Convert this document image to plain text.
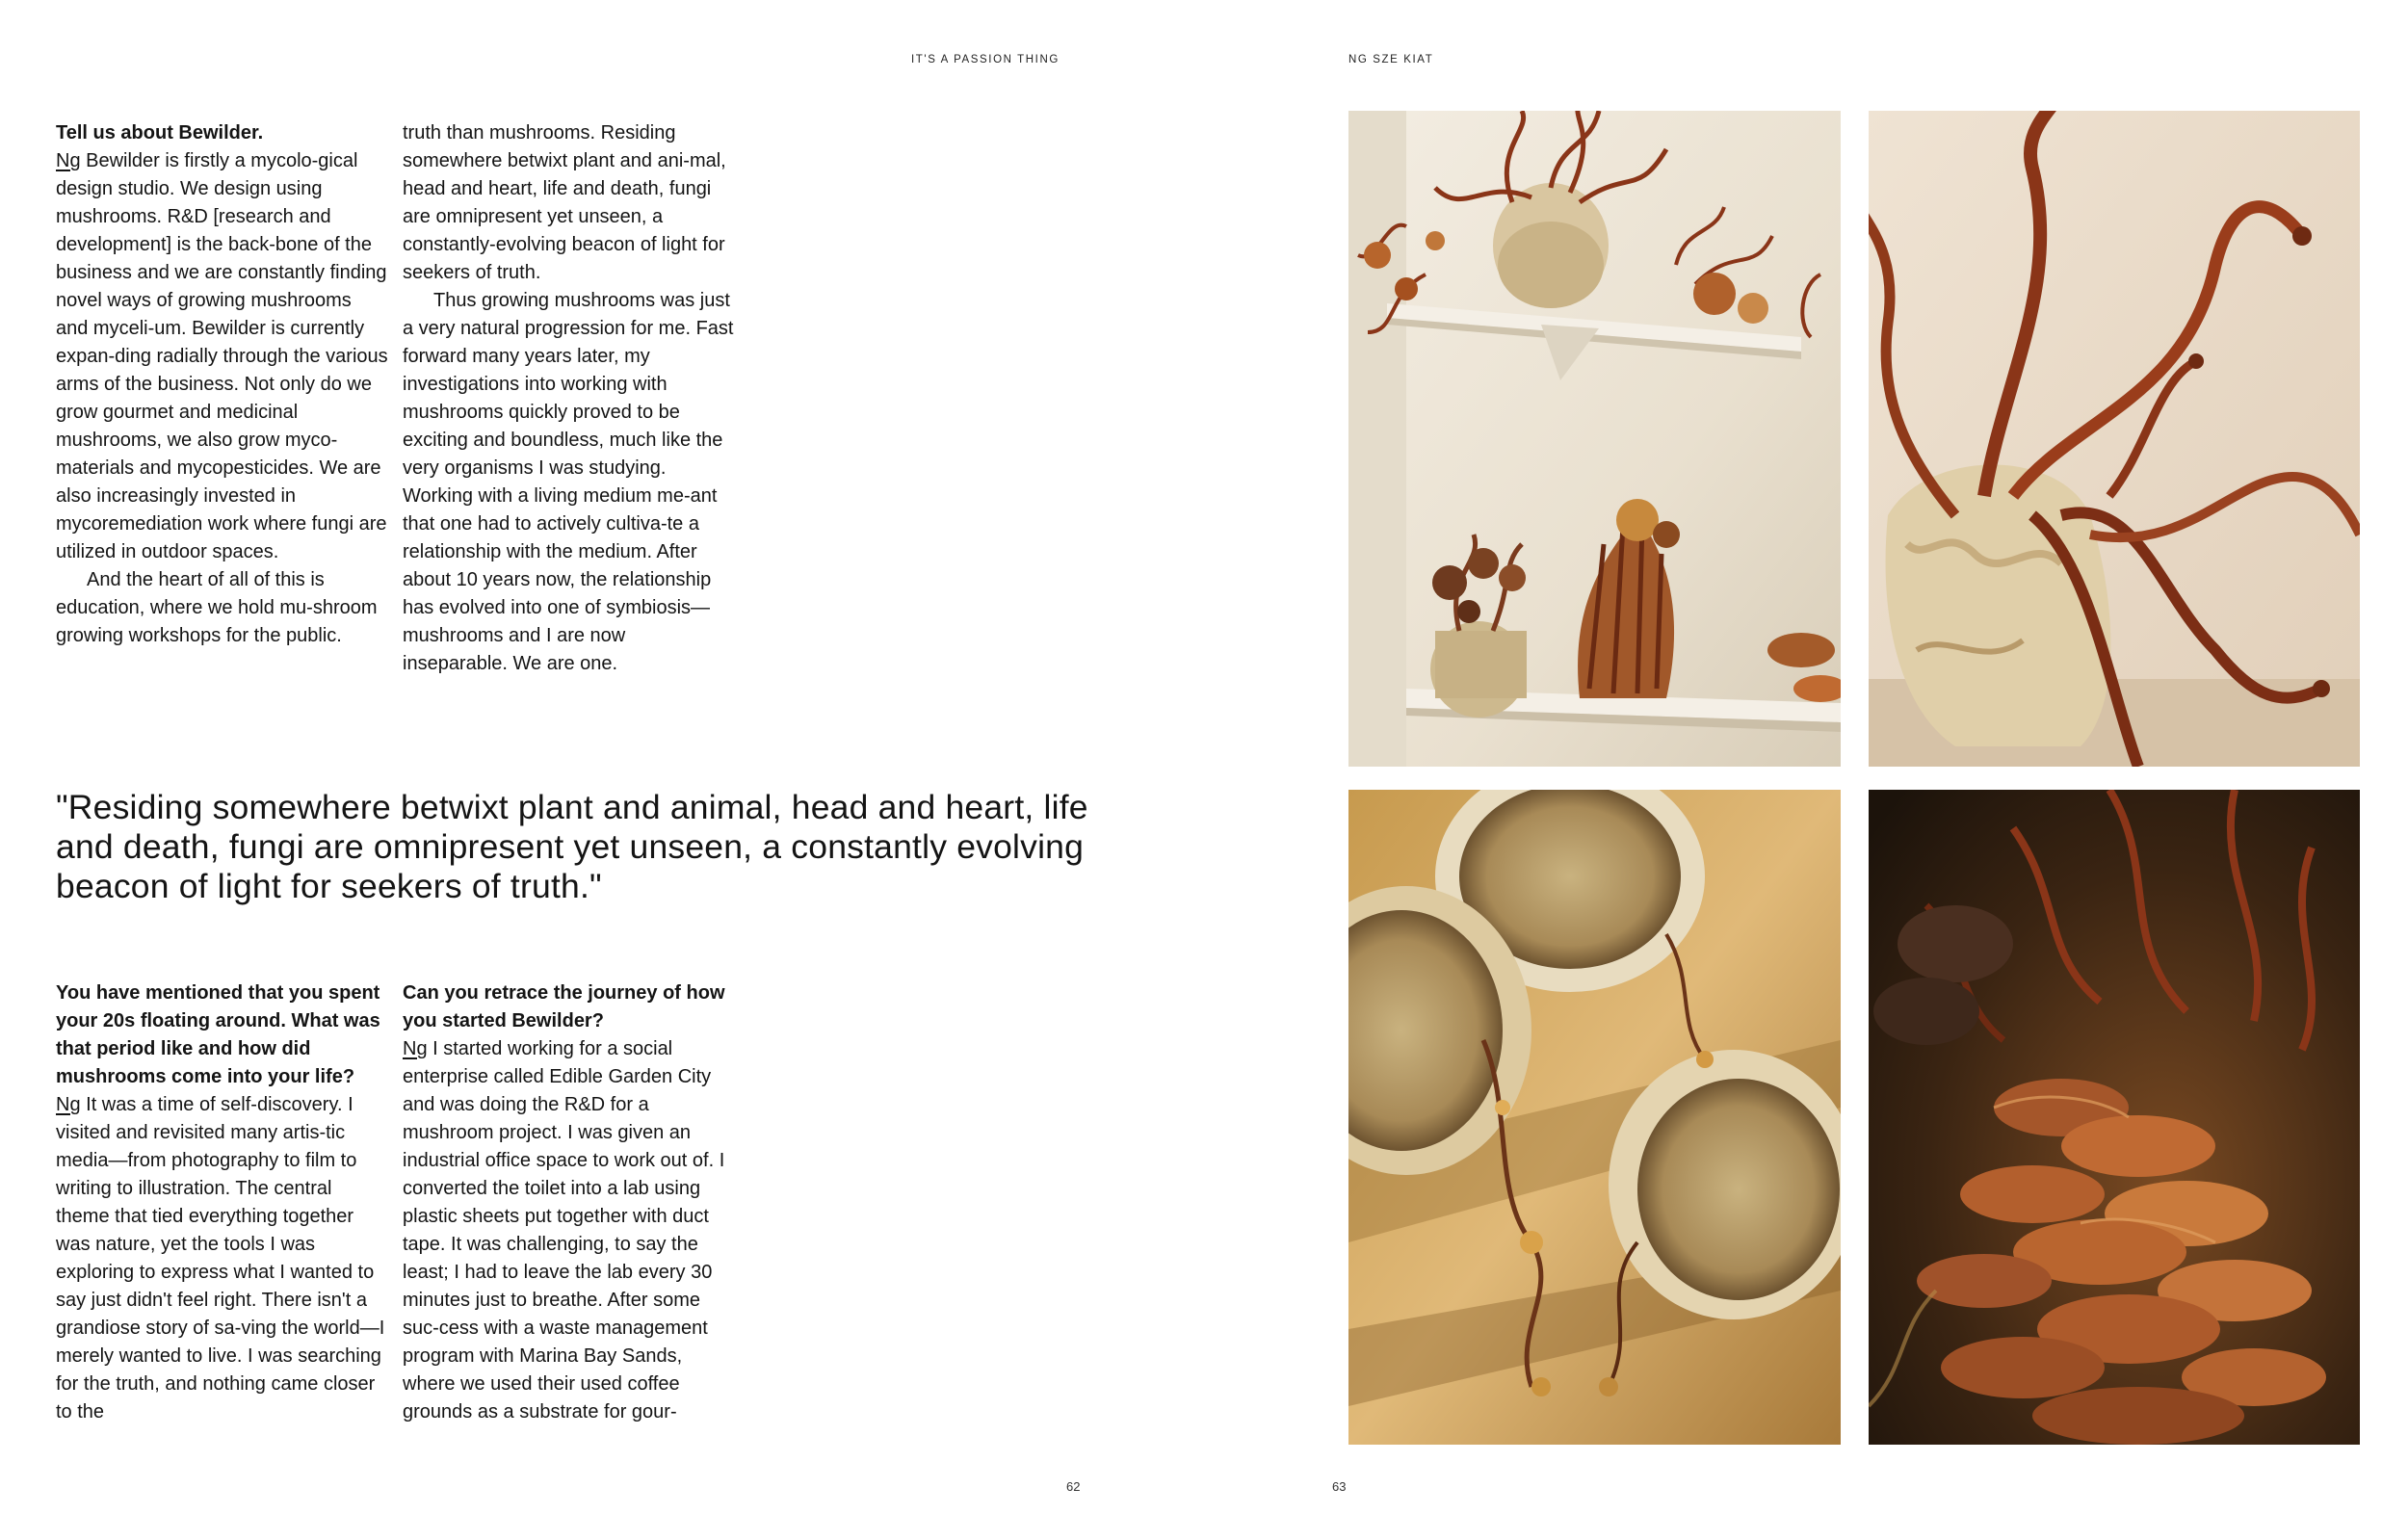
IT'S A PASSION THING

Tell us about Bewilder.

Ng Bewilder is firstly a mycolo-gical design studio. We design using mushrooms. R&D [research and development] is the back-bone of the business and we are constantly finding novel ways of growing mushrooms and myceli-um. Bewilder is currently expan-ding radially through the various arms of the business. Not only do we grow gourmet and medicinal mushrooms, we also grow myco-materials and mycopesticides. We are also increasingly invested in mycoremediation work where fungi are utilized in outdoor spaces.

And the heart of all of this is education, where we hold mu-shroom growing workshops for the public.

truth than mushrooms. Residing somewhere betwixt plant and ani-mal, head and heart, life and death, fungi are omnipresent yet unseen, a constantly-evolving beacon of light for seekers of truth.

Thus growing mushrooms was just a very natural progression for me. Fast forward many years later, my investigations into working with mushrooms quickly proved to be exciting and boundless, much like the very organisms I was studying. Working with a living medium me-ant that one had to actively cultiva-te a relationship with the medium. After about 10 years now, the relationship has evolved into one of symbiosis—mushrooms and I are now inseparable. We are one.

"Residing somewhere betwixt plant and animal, head and heart, life and death, fungi are omnipresent yet unseen, a constantly evolving beacon of light for seekers of truth."

You have mentioned that you spent your 20s floating around. What was that period like and how did mushrooms come into your life?

Ng It was a time of self-discovery. I visited and revisited many artis-tic media—from photography to film to writing to illustration. The central theme that tied everything together was nature, yet the tools I was exploring to express what I wanted to say just didn't feel right. There isn't a grandiose story of sa-ving the world—I merely wanted to live. I was searching for the truth, and nothing came closer to the

Can you retrace the journey of how you started Bewilder?

Ng I started working for a social enterprise called Edible Garden City and was doing the R&D for a mushroom project. I was given an industrial office space to work out of. I converted the toilet into a lab using plastic sheets put together with duct tape. It was challenging, to say the least; I had to leave the lab every 30 minutes just to breathe. After some suc-cess with a waste management program with Marina Bay Sands, where we used their used coffee grounds as a substrate for gour-

62
NG SZE KIAT
63
